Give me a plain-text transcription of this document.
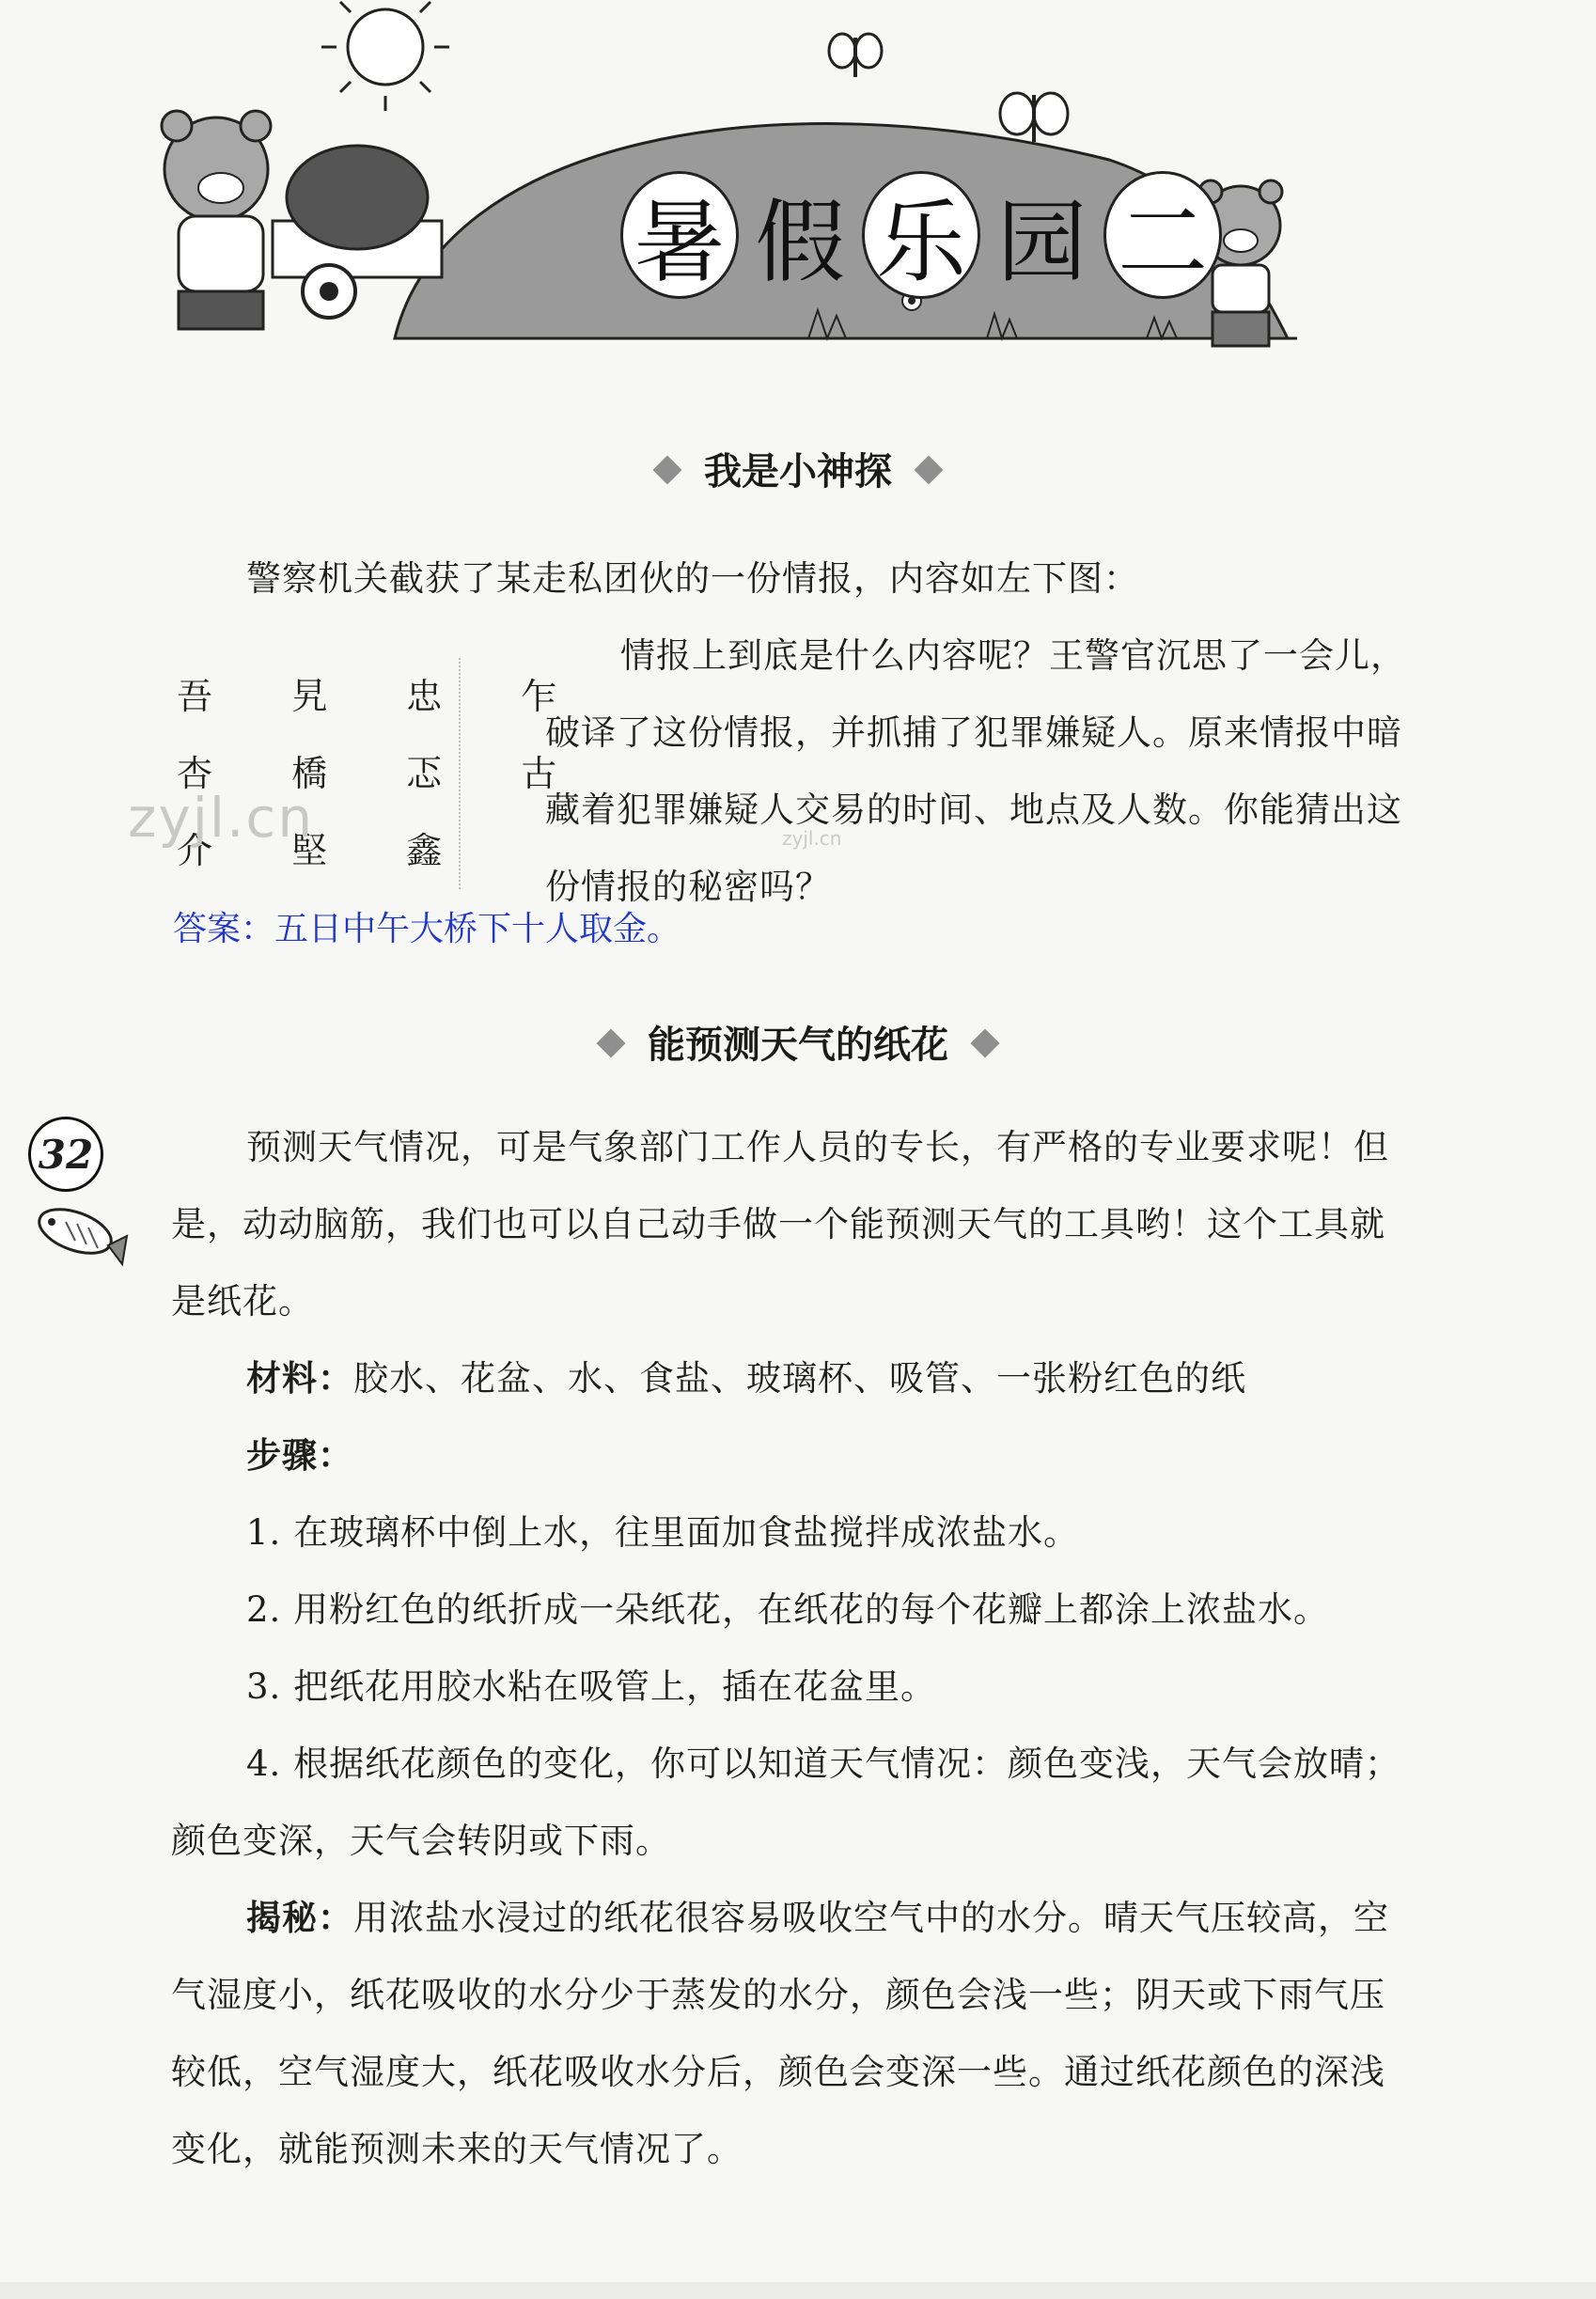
暑 假 乐 园 二
我是小神探

警察机关截获了某走私团伙的一份情报，内容如左下图：

吾 旯 忠 乍
杏 橋 忑 古
介 堅 鑫
zyjl.cn	zyjl.cn

情报上到底是什么内容呢？王警官沉思了一会儿，

破译了这份情报，并抓捕了犯罪嫌疑人。原来情报中暗

藏着犯罪嫌疑人交易的时间、地点及人数。你能猜出这

份情报的秘密吗？

答案：五日中午大桥下十人取金。
能预测天气的纸花
32	预测天气情况，可是气象部门工作人员的专长，有严格的专业要求呢！但

是，动动脑筋，我们也可以自己动手做一个能预测天气的工具哟！这个工具就

是纸花。

材料：胶水、花盆、水、食盐、玻璃杯、吸管、一张粉红色的纸

步骤：

1. 在玻璃杯中倒上水，往里面加食盐搅拌成浓盐水。

2. 用粉红色的纸折成一朵纸花，在纸花的每个花瓣上都涂上浓盐水。

3. 把纸花用胶水粘在吸管上，插在花盆里。

4. 根据纸花颜色的变化，你可以知道天气情况：颜色变浅，天气会放晴；

颜色变深，天气会转阴或下雨。

揭秘：用浓盐水浸过的纸花很容易吸收空气中的水分。晴天气压较高，空

气湿度小，纸花吸收的水分少于蒸发的水分，颜色会浅一些；阴天或下雨气压

较低，空气湿度大，纸花吸收水分后，颜色会变深一些。通过纸花颜色的深浅

变化，就能预测未来的天气情况了。
